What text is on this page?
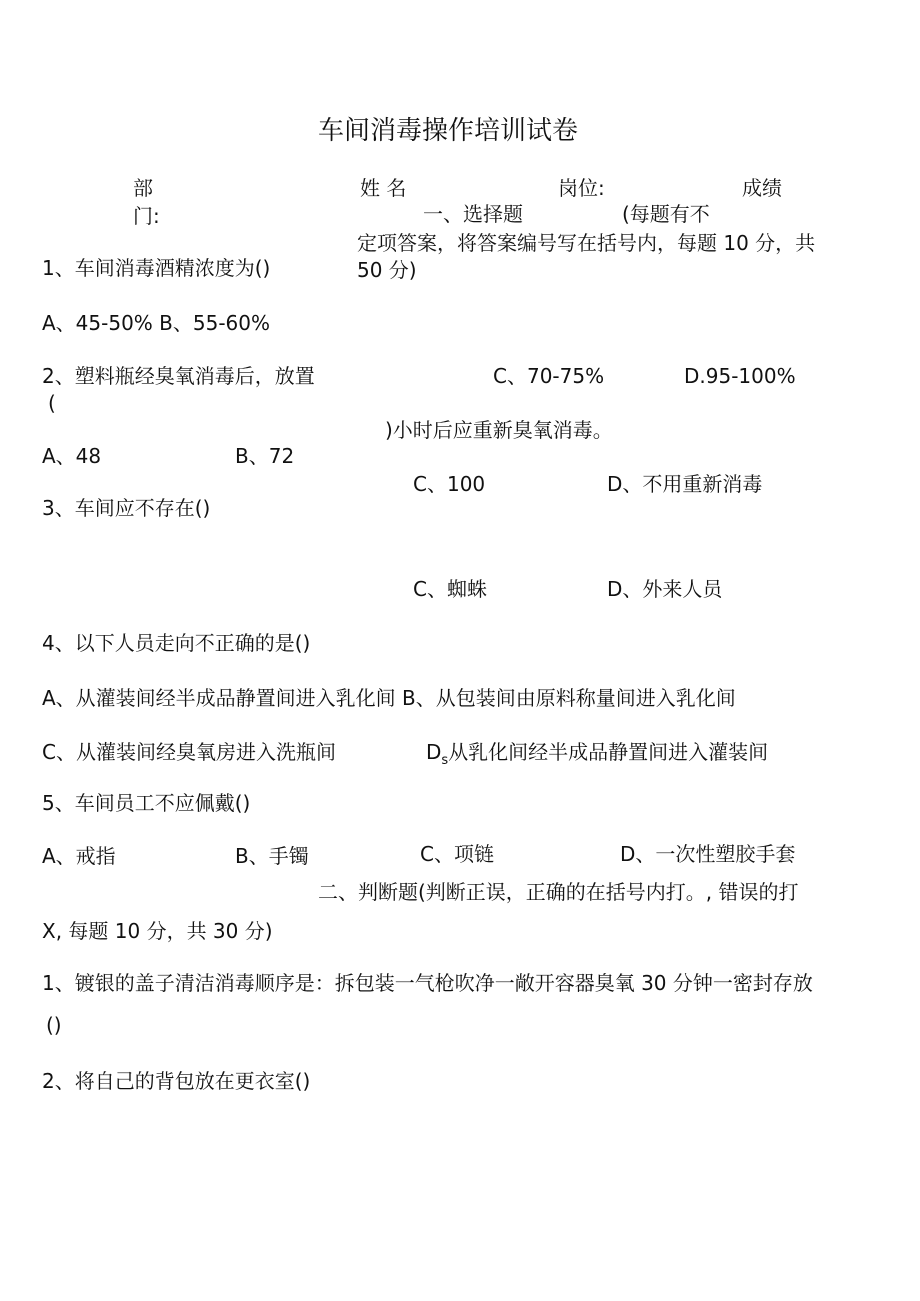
车间消毒操作培训试卷
部
门:
姓 名	岗位:	成绩
一、选择题	(每题有不
定项答案，将答案编号写在括号内，每题 10 分，共
50 分)
1、车间消毒酒精浓度为()
A、45-50% B、55-60%
2、塑料瓶经臭氧消毒后，放置	C、70-75%	D.95-100%
(
)小时后应重新臭氧消毒。
A、48	B、72
C、100	D、不用重新消毒
3、车间应不存在()
C、蜘蛛	D、外来人员
4、以下人员走向不正确的是()
A、从灌装间经半成品静置间进入乳化间 B、从包装间由原料称量间进入乳化间
C、从灌装间经臭氧房进入洗瓶间	$D_s$从乳化间经半成品静置间进入灌装间
5、车间员工不应佩戴()
A、戒指	B、手镯	C、项链	D、一次性塑胶手套
二、判断题(判断正误，正确的在括号内打。, 错误的打
X, 每题 10 分，共 30 分)
1、镀银的盖子清洁消毒顺序是：拆包装一气枪吹净一敞开容器臭氧 30 分钟一密封存放
()
2、将自己的背包放在更衣室()
